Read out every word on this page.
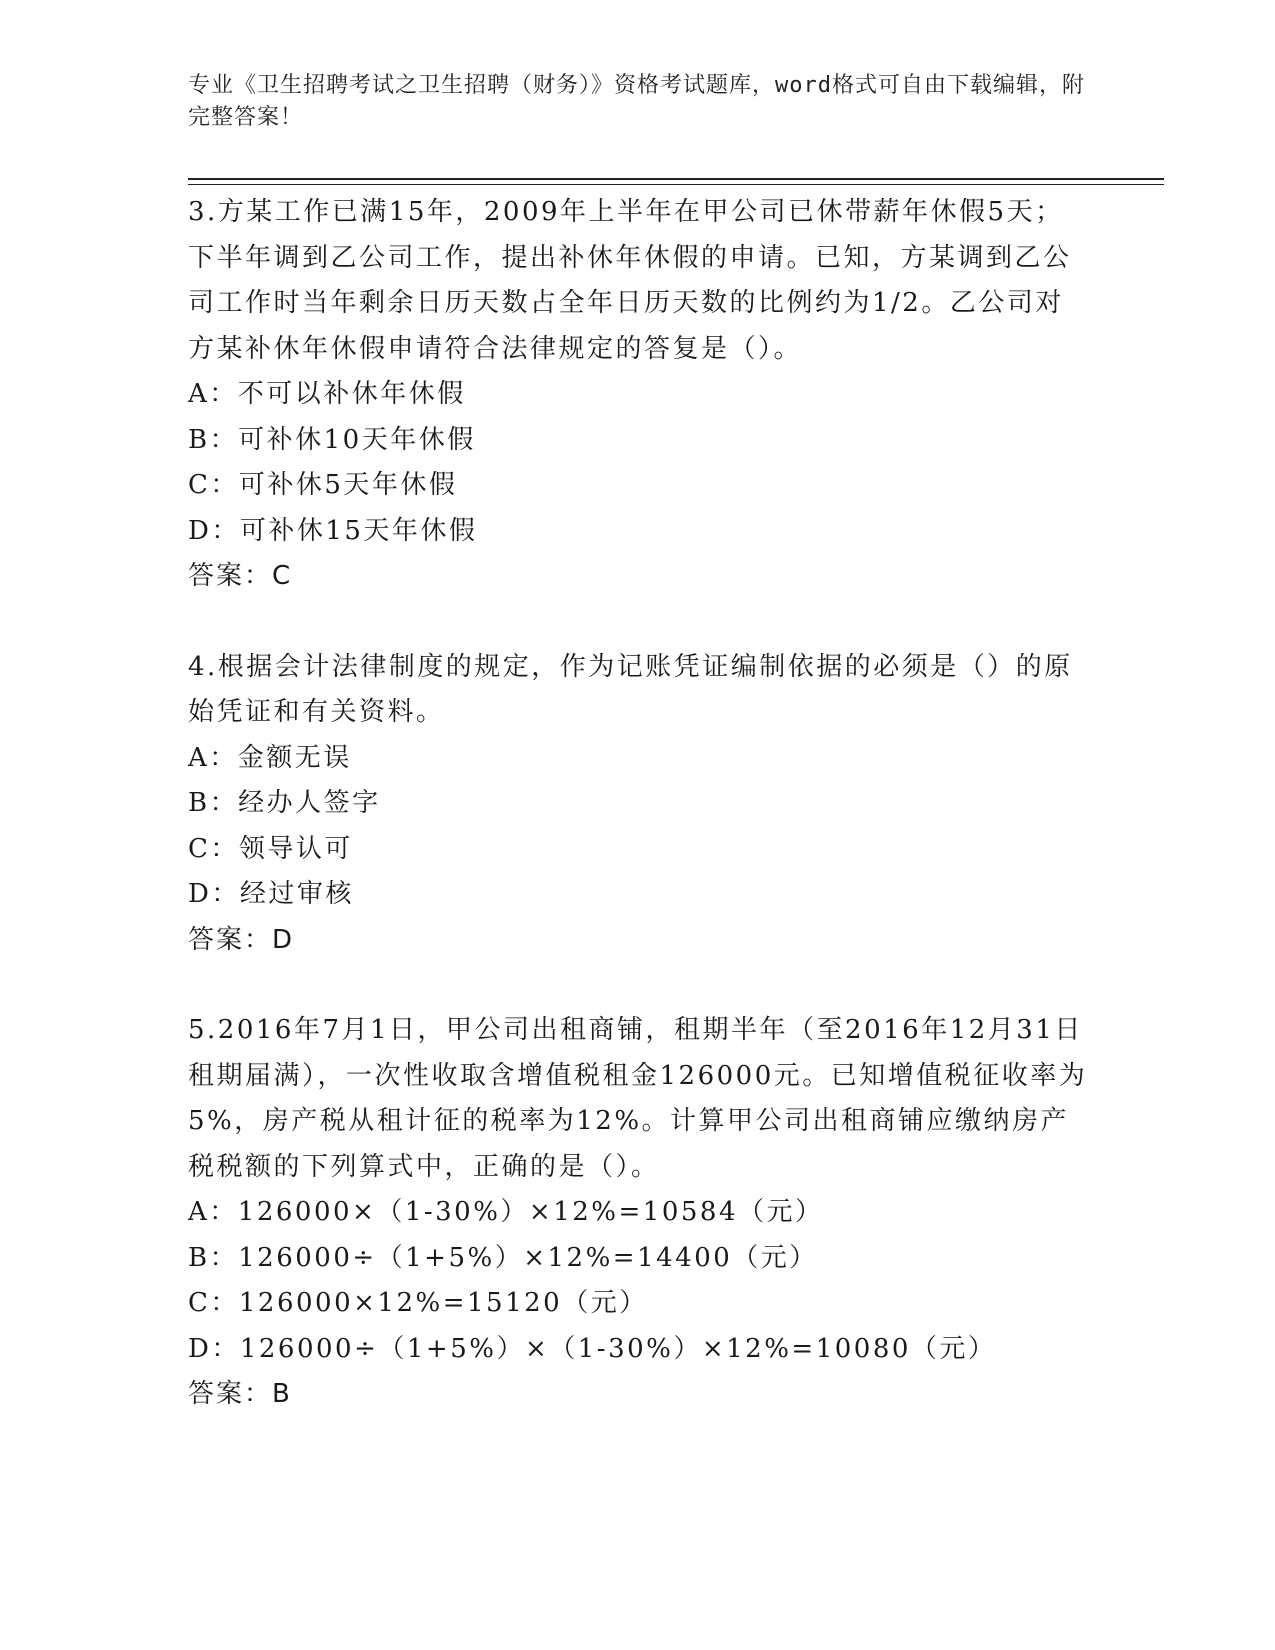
专业《卫生招聘考试之卫生招聘（财务）》资格考试题库，word格式可自由下载编辑，附完整答案！

3.方某工作已满15年，2009年上半年在甲公司已休带薪年休假5天；下半年调到乙公司工作，提出补休年休假的申请。已知，方某调到乙公司工作时当年剩余日历天数占全年日历天数的比例约为1/2。乙公司对方某补休年休假申请符合法律规定的答复是（）。

A：不可以补休年休假

B：可补休10天年休假

C：可补休5天年休假

D：可补休15天年休假

答案：C

4.根据会计法律制度的规定，作为记账凭证编制依据的必须是（）的原始凭证和有关资料。

A：金额无误

B：经办人签字

C：领导认可

D：经过审核

答案：D

5.2016年7月1日，甲公司出租商铺，租期半年（至2016年12月31日租期届满），一次性收取含增值税租金126000元。已知增值税征收率为5%，房产税从租计征的税率为12%。计算甲公司出租商铺应缴纳房产税税额的下列算式中，正确的是（）。

A：126000×（1-30%）×12%=10584（元）

B：126000÷（1+5%）×12%=14400（元）

C：126000×12%=15120（元）

D：126000÷（1+5%）×（1-30%）×12%=10080（元）

答案：B
